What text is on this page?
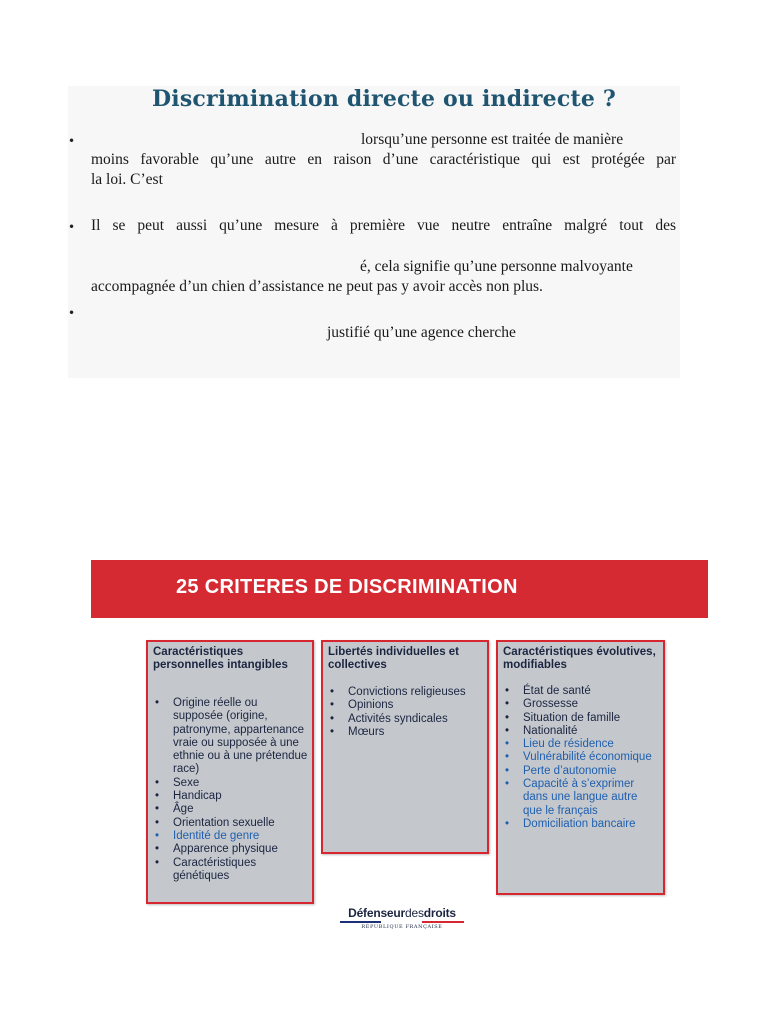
Discrimination directe ou indirecte ?
•	lorsqu’une personne est traitée de manière
moins favorable qu’une autre en raison d’une caractéristique qui est protégée par
la loi. C’est
• Il se peut aussi qu’une mesure à première vue neutre entraîne malgré tout des
é, cela signifie qu’une personne malvoyante
accompagnée d’un chien d’assistance ne peut pas y avoir accès non plus.
•
justifié qu’une agence cherche
25 CRITERES DE DISCRIMINATION
Caractéristiques personnelles intangibles
• Origine réelle ou supposée (origine, patronyme, appartenance vraie ou supposée à une ethnie ou à une prétendue race)
• Sexe
• Handicap
• Âge
• Orientation sexuelle
• Identité de genre
• Apparence physique
• Caractéristiques génétiques
Libertés individuelles et collectives
• Convictions religieuses
• Opinions
• Activités syndicales
• Mœurs
Caractéristiques évolutives, modifiables
• État de santé
• Grossesse
• Situation de famille
• Nationalité
• Lieu de résidence
• Vulnérabilité économique
• Perte d’autonomie
• Capacité à s’exprimer dans une langue autre que le français
• Domiciliation bancaire
Défenseurdesdroits
RÉPUBLIQUE FRANÇAISE
